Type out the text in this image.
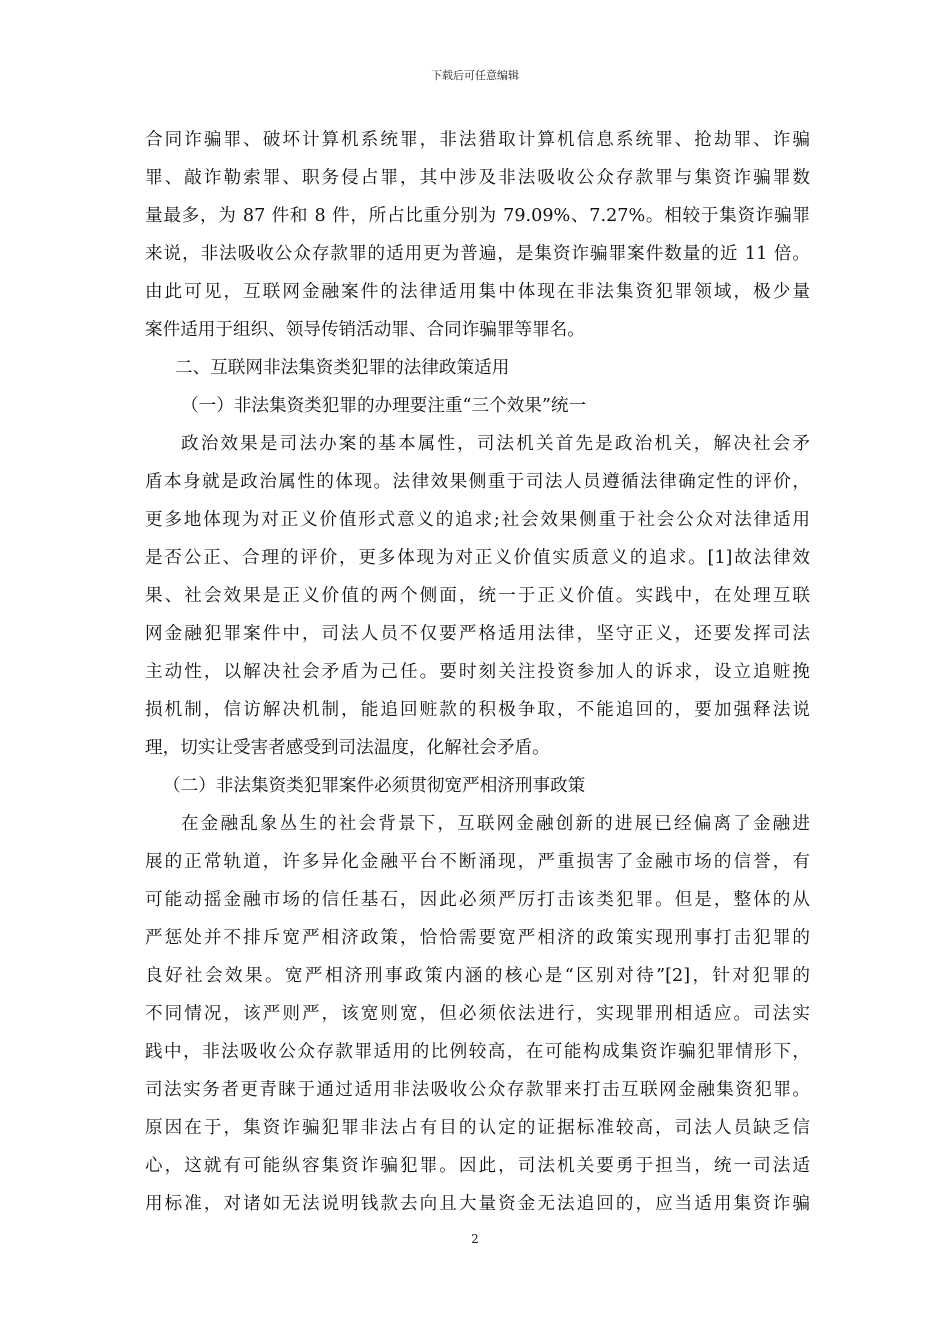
下载后可任意编辑
合同诈骗罪、破坏计算机系统罪，非法猎取计算机信息系统罪、抢劫罪、诈骗
罪、敲诈勒索罪、职务侵占罪，其中涉及非法吸收公众存款罪与集资诈骗罪数
量最多，为 87 件和 8 件，所占比重分别为 79.09%、7.27%。相较于集资诈骗罪
来说，非法吸收公众存款罪的适用更为普遍，是集资诈骗罪案件数量的近 11 倍。
由此可见，互联网金融案件的法律适用集中体现在非法集资犯罪领域，极少量
案件适用于组织、领导传销活动罪、合同诈骗罪等罪名。
二、互联网非法集资类犯罪的法律政策适用
（一）非法集资类犯罪的办理要注重“三个效果”统一
政治效果是司法办案的基本属性，司法机关首先是政治机关，解决社会矛
盾本身就是政治属性的体现。法律效果侧重于司法人员遵循法律确定性的评价，
更多地体现为对正义价值形式意义的追求;社会效果侧重于社会公众对法律适用
是否公正、合理的评价，更多体现为对正义价值实质意义的追求。[1]故法律效
果、社会效果是正义价值的两个侧面，统一于正义价值。实践中，在处理互联
网金融犯罪案件中，司法人员不仅要严格适用法律，坚守正义，还要发挥司法
主动性，以解决社会矛盾为己任。要时刻关注投资参加人的诉求，设立追赃挽
损机制，信访解决机制，能追回赃款的积极争取，不能追回的，要加强释法说
理，切实让受害者感受到司法温度，化解社会矛盾。
（二）非法集资类犯罪案件必须贯彻宽严相济刑事政策
在金融乱象丛生的社会背景下，互联网金融创新的进展已经偏离了金融进
展的正常轨道，许多异化金融平台不断涌现，严重损害了金融市场的信誉，有
可能动摇金融市场的信任基石，因此必须严厉打击该类犯罪。但是，整体的从
严惩处并不排斥宽严相济政策，恰恰需要宽严相济的政策实现刑事打击犯罪的
良好社会效果。宽严相济刑事政策内涵的核心是“区别对待”[2]，针对犯罪的
不同情况，该严则严，该宽则宽，但必须依法进行，实现罪刑相适应。司法实
践中，非法吸收公众存款罪适用的比例较高，在可能构成集资诈骗犯罪情形下，
司法实务者更青睐于通过适用非法吸收公众存款罪来打击互联网金融集资犯罪。
原因在于，集资诈骗犯罪非法占有目的认定的证据标准较高，司法人员缺乏信
心，这就有可能纵容集资诈骗犯罪。因此，司法机关要勇于担当，统一司法适
用标准，对诸如无法说明钱款去向且大量资金无法追回的，应当适用集资诈骗
2
